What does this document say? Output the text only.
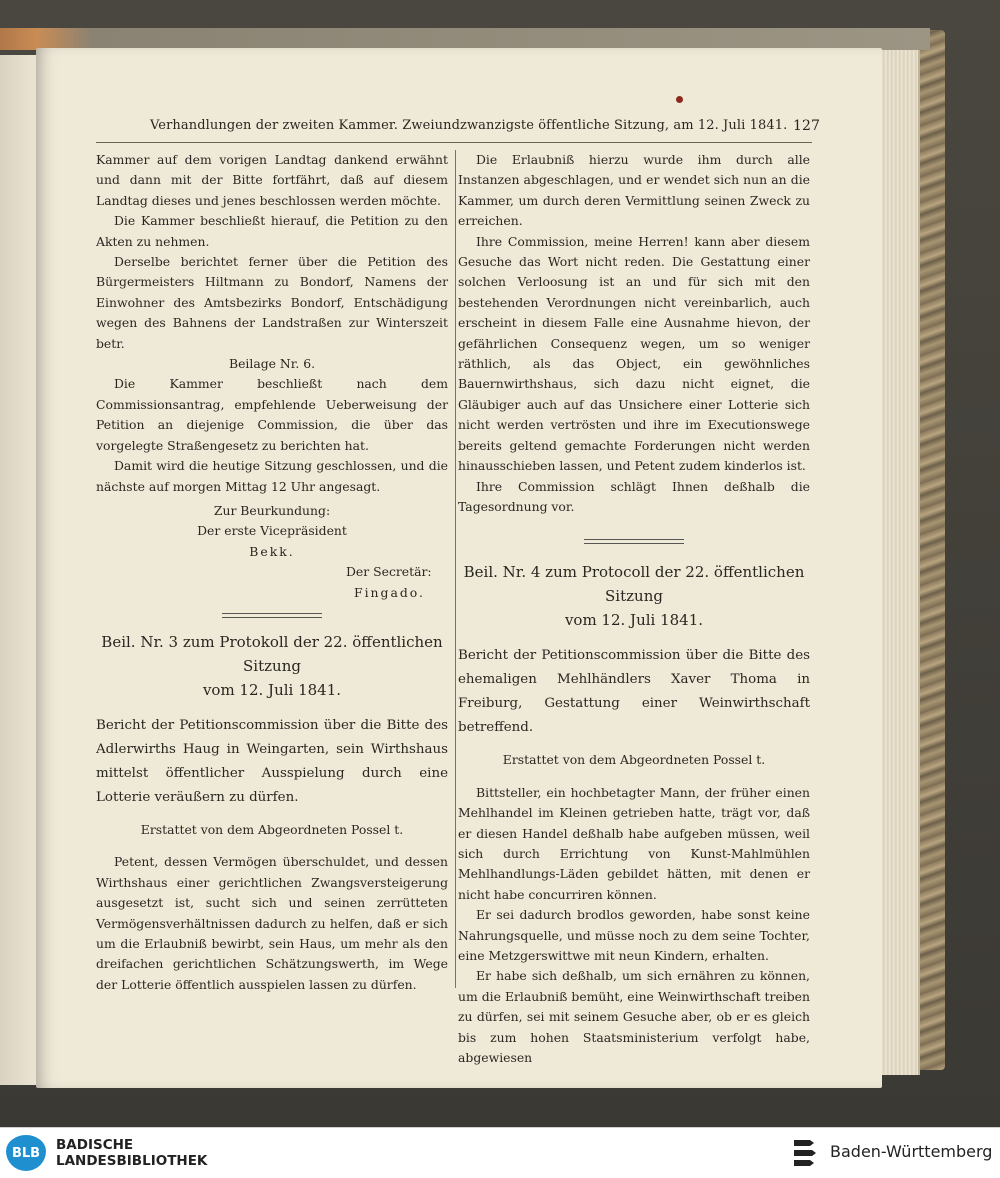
Verhandlungen der zweiten Kammer. Zweiundzwanzigste öffentliche Sitzung, am 12. Juli 1841. 127

Kammer auf dem vorigen Landtag dankend erwähnt und dann mit der Bitte fortfährt, daß auf diesem Landtag dieses und jenes beschlossen werden möchte.

Die Kammer beschließt hierauf, die Petition zu den Akten zu nehmen.

Derselbe berichtet ferner über die Petition des Bürgermeisters Hiltmann zu Bondorf, Namens der Einwohner des Amtsbezirks Bondorf, Entschädigung wegen des Bahnens der Landstraßen zur Winterszeit betr.

Beilage Nr. 6.

Die Kammer beschließt nach dem Commissionsantrag, empfehlende Ueberweisung der Petition an diejenige Commission, die über das vorgelegte Straßengesetz zu berichten hat.

Damit wird die heutige Sitzung geschlossen, und die nächste auf morgen Mittag 12 Uhr angesagt.

Zur Beurkundung:

Der erste Vicepräsident

Bekk.

Der Secretär:

Fingado.

Beil. Nr. 3 zum Protokoll der 22. öffentlichen Sitzung
vom 12. Juli 1841.

Bericht der Petitionscommission über die Bitte des Adlerwirths Haug in Weingarten, sein Wirthshaus mittelst öffentlicher Ausspielung durch eine Lotterie veräußern zu dürfen.

Erstattet von dem Abgeordneten Possel t.

Petent, dessen Vermögen überschuldet, und dessen Wirthshaus einer gerichtlichen Zwangsversteigerung ausgesetzt ist, sucht sich und seinen zerrütteten Vermögensverhältnissen dadurch zu helfen, daß er sich um die Erlaubniß bewirbt, sein Haus, um mehr als den dreifachen gerichtlichen Schätzungswerth, im Wege der Lotterie öffentlich ausspielen lassen zu dürfen.

Die Erlaubniß hierzu wurde ihm durch alle Instanzen abgeschlagen, und er wendet sich nun an die Kammer, um durch deren Vermittlung seinen Zweck zu erreichen.

Ihre Commission, meine Herren! kann aber diesem Gesuche das Wort nicht reden. Die Gestattung einer solchen Verloosung ist an und für sich mit den bestehenden Verordnungen nicht vereinbarlich, auch erscheint in diesem Falle eine Ausnahme hievon, der gefährlichen Consequenz wegen, um so weniger räthlich, als das Object, ein gewöhnliches Bauernwirthshaus, sich dazu nicht eignet, die Gläubiger auch auf das Unsichere einer Lotterie sich nicht werden vertrösten und ihre im Executionswege bereits geltend gemachte Forderungen nicht werden hinausschieben lassen, und Petent zudem kinderlos ist.

Ihre Commission schlägt Ihnen deßhalb die Tagesordnung vor.

Beil. Nr. 4 zum Protocoll der 22. öffentlichen Sitzung
vom 12. Juli 1841.

Bericht der Petitionscommission über die Bitte des ehemaligen Mehlhändlers Xaver Thoma in Freiburg, Gestattung einer Weinwirthschaft betreffend.

Erstattet von dem Abgeordneten Possel t.

Bittsteller, ein hochbetagter Mann, der früher einen Mehlhandel im Kleinen getrieben hatte, trägt vor, daß er diesen Handel deßhalb habe aufgeben müssen, weil sich durch Errichtung von Kunst-Mahlmühlen Mehlhandlungs-Läden gebildet hätten, mit denen er nicht habe concurriren können.

Er sei dadurch brodlos geworden, habe sonst keine Nahrungsquelle, und müsse noch zu dem seine Tochter, eine Metzgerswittwe mit neun Kindern, erhalten.

Er habe sich deßhalb, um sich ernähren zu können, um die Erlaubniß bemüht, eine Weinwirthschaft treiben zu dürfen, sei mit seinem Gesuche aber, ob er es gleich bis zum hohen Staatsministerium verfolgt habe, abgewiesen

BLB	BADISCHE
LANDESBIBLIOTHEK	Baden-Württemberg
